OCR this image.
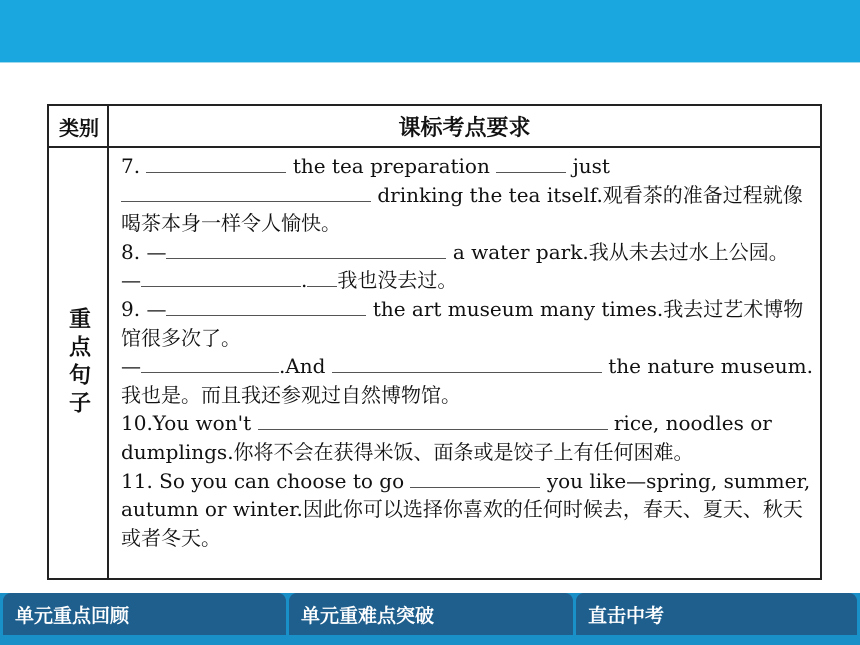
类别	课标考点要求
重点句子

7.	the tea preparation	just
drinking the tea itself.观看茶的准备过程就像喝茶本身一样令人愉快。

8. —	a water park.我从未去过水上公园。

—	. 我也没去过。

9. —	the art museum many times.我去过艺术博物馆很多次了。

—	.And	the nature museum.我也是。而且我还参观过自然博物馆。

10.You won't	rice, noodles or dumplings.你将不会在获得米饭、面条或是饺子上有任何困难。

11. So you can choose to go	you like—spring, summer, autumn or winter.因此你可以选择你喜欢的任何时候去，春天、夏天、秋天或者冬天。

单元重点回顾	单元重难点突破	直击中考
